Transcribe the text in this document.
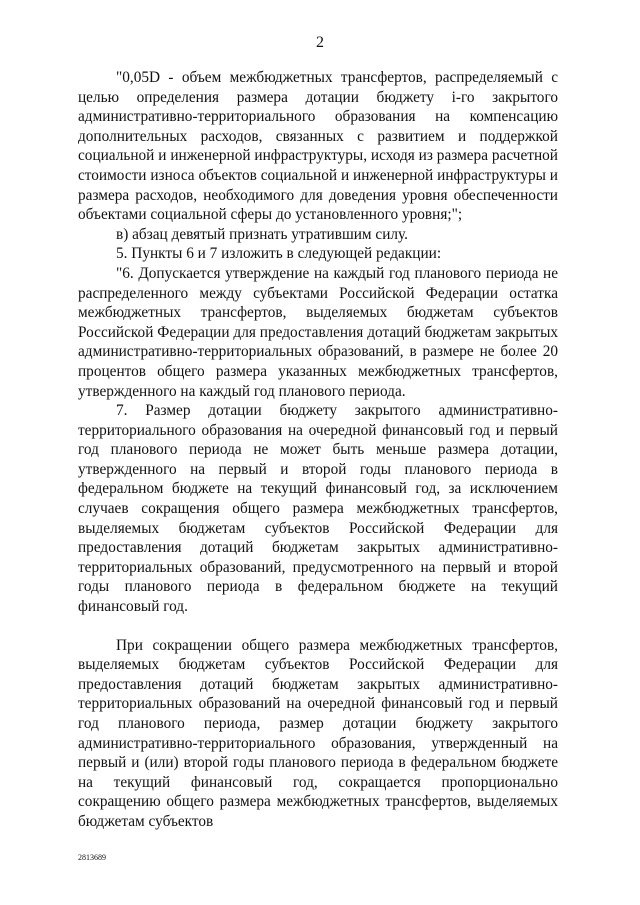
2

"0,05D - объем межбюджетных трансфертов, распределяемый с целью определения размера дотации бюджету i-го закрытого административно-территориального образования на компенсацию дополнительных расходов, связанных с развитием и поддержкой социальной и инженерной инфраструктуры, исходя из размера расчетной стоимости износа объектов социальной и инженерной инфраструктуры и размера расходов, необходимого для доведения уровня обеспеченности объектами социальной сферы до установленного уровня;";

в) абзац девятый признать утратившим силу.

5. Пункты 6 и 7 изложить в следующей редакции:

"6. Допускается утверждение на каждый год планового периода не распределенного между субъектами Российской Федерации остатка межбюджетных трансфертов, выделяемых бюджетам субъектов Российской Федерации для предоставления дотаций бюджетам закрытых административно-территориальных образований, в размере не более 20 процентов общего размера указанных межбюджетных трансфертов, утвержденного на каждый год планового периода.

7. Размер дотации бюджету закрытого административно-территориального образования на очередной финансовый год и первый год планового периода не может быть меньше размера дотации, утвержденного на первый и второй годы планового периода в федеральном бюджете на текущий финансовый год, за исключением случаев сокращения общего размера межбюджетных трансфертов, выделяемых бюджетам субъектов Российской Федерации для предоставления дотаций бюджетам закрытых административно-территориальных образований, предусмотренного на первый и второй годы планового периода в федеральном бюджете на текущий финансовый год.

При сокращении общего размера межбюджетных трансфертов, выделяемых бюджетам субъектов Российской Федерации для предоставления дотаций бюджетам закрытых административно-территориальных образований на очередной финансовый год и первый год планового периода, размер дотации бюджету закрытого административно-территориального образования, утвержденный на первый и (или) второй годы планового периода в федеральном бюджете на текущий финансовый год, сокращается пропорционально сокращению общего размера межбюджетных трансфертов, выделяемых бюджетам субъектов

2813689
